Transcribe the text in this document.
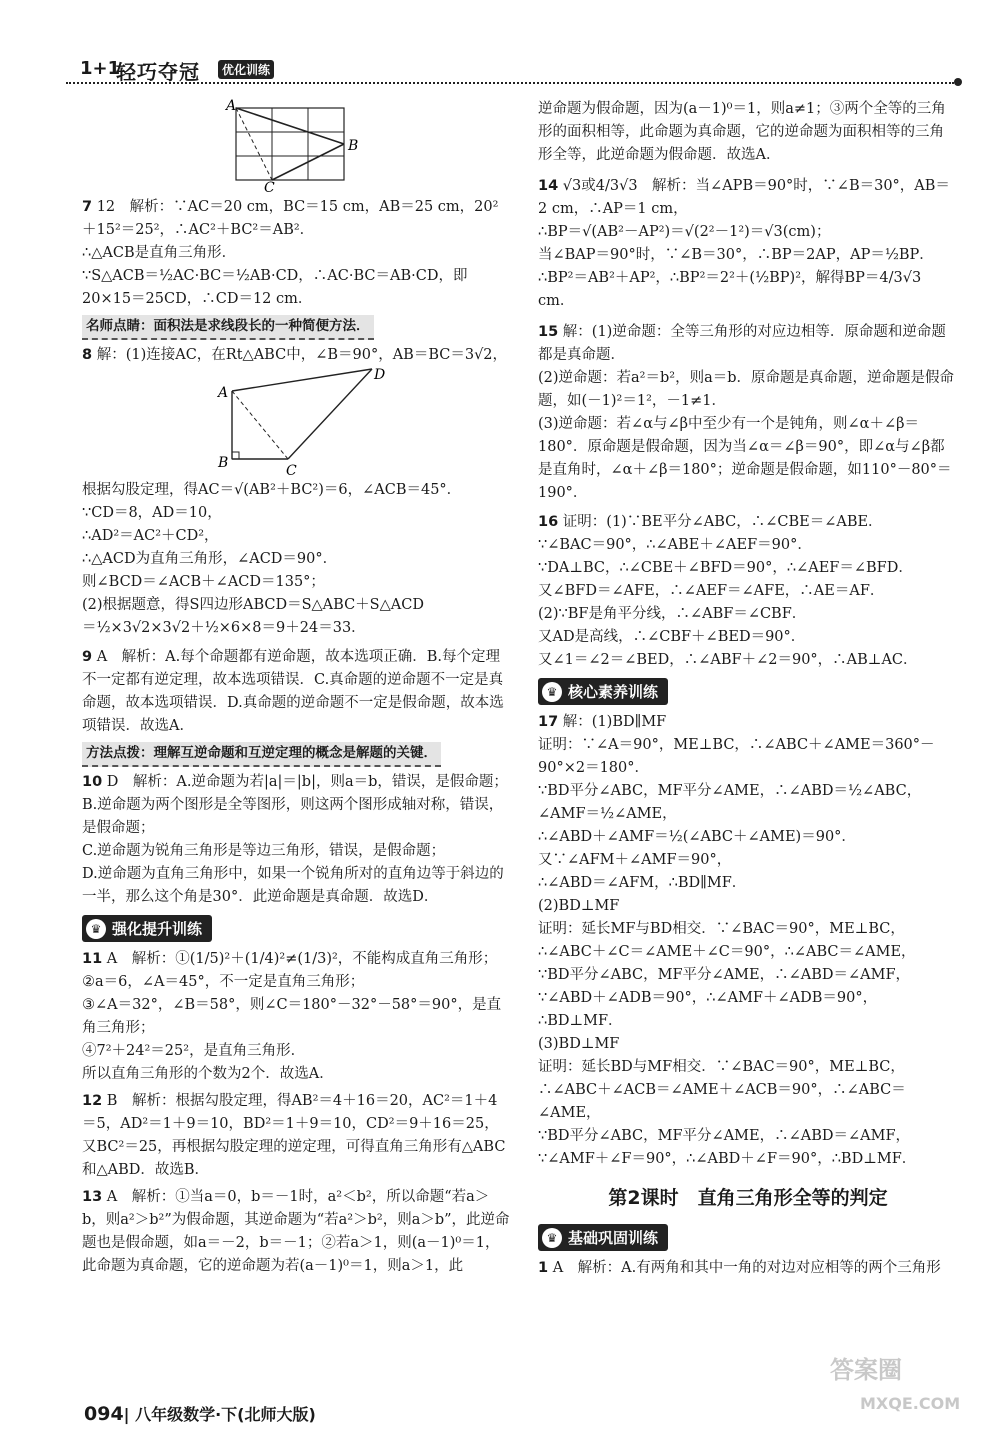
1+1
轻巧夺冠	优化训练
A
B
C

7 12　解析：∵AC＝20 cm，BC＝15 cm，AB＝25 cm，20²＋15²＝25²，∴AC²＋BC²＝AB²．
∴△ACB是直角三角形．
∵S△ACB＝½AC·BC＝½AB·CD，∴AC·BC＝AB·CD，即20×15＝25CD，∴CD＝12 cm．

名师点睛：面积法是求线段长的一种简便方法．

8 解：(1)连接AC，在Rt△ABC中，∠B＝90°，AB＝BC＝3√2，

A
B	C
D

根据勾股定理，得AC＝√(AB²＋BC²)＝6，∠ACB＝45°．
∵CD＝8，AD＝10，
∴AD²＝AC²＋CD²，
∴△ACD为直角三角形，∠ACD＝90°．
则∠BCD＝∠ACB＋∠ACD＝135°；
(2)根据题意，得S四边形ABCD＝S△ABC＋S△ACD
＝½×3√2×3√2＋½×6×8＝9＋24＝33．

9 A　解析：A.每个命题都有逆命题，故本选项正确．B.每个定理不一定都有逆定理，故本选项错误．C.真命题的逆命题不一定是真命题，故本选项错误．D.真命题的逆命题不一定是假命题，故本选项错误．故选A．

方法点拨：理解互逆命题和互逆定理的概念是解题的关键．

10 D　解析：A.逆命题为若|a|＝|b|，则a＝b，错误，是假命题；
B.逆命题为两个图形是全等图形，则这两个图形成轴对称，错误，是假命题；
C.逆命题为锐角三角形是等边三角形，错误，是假命题；
D.逆命题为直角三角形中，如果一个锐角所对的直角边等于斜边的一半，那么这个角是30°．此逆命题是真命题．故选D．

♛ 强化提升训练

11 A　解析：①(1/5)²＋(1/4)²≠(1/3)²，不能构成直角三角形；
②a＝6，∠A＝45°，不一定是直角三角形；
③∠A＝32°，∠B＝58°，则∠C＝180°－32°－58°＝90°，是直角三角形；
④7²＋24²＝25²，是直角三角形．
所以直角三角形的个数为2个．故选A．

12 B　解析：根据勾股定理，得AB²＝4＋16＝20，AC²＝1＋4＝5，AD²＝1＋9＝10，BD²＝1＋9＝10，CD²＝9＋16＝25，又BC²＝25，再根据勾股定理的逆定理，可得直角三角形有△ABC和△ABD．故选B．

13 A　解析：①当a＝0，b＝－1时，a²＜b²，所以命题“若a＞b，则a²＞b²”为假命题，其逆命题为“若a²＞b²，则a＞b”，此逆命题也是假命题，如a＝－2，b＝－1；②若a＞1，则(a－1)⁰＝1，此命题为真命题，它的逆命题为若(a－1)⁰＝1，则a＞1，此

逆命题为假命题，因为(a－1)⁰＝1，则a≠1；③两个全等的三角形的面积相等，此命题为真命题，它的逆命题为面积相等的三角形全等，此逆命题为假命题．故选A．

14 √3或4/3√3　解析：当∠APB＝90°时，∵∠B＝30°，AB＝2 cm，∴AP＝1 cm，
∴BP＝√(AB²－AP²)＝√(2²－1²)＝√3(cm)；
当∠BAP＝90°时，∵∠B＝30°，∴BP＝2AP，AP＝½BP．
∴BP²＝AB²＋AP²，∴BP²＝2²＋(½BP)²，解得BP＝4/3√3 cm．

15 解：(1)逆命题：全等三角形的对应边相等．原命题和逆命题都是真命题．
(2)逆命题：若a²＝b²，则a＝b．原命题是真命题，逆命题是假命题，如(－1)²＝1²，－1≠1．
(3)逆命题：若∠α与∠β中至少有一个是钝角，则∠α＋∠β＝180°．原命题是假命题，因为当∠α＝∠β＝90°，即∠α与∠β都是直角时，∠α＋∠β＝180°；逆命题是假命题，如110°－80°＝190°．

16 证明：(1)∵BE平分∠ABC，∴∠CBE＝∠ABE．
∵∠BAC＝90°，∴∠ABE＋∠AEF＝90°．
∵DA⊥BC，∴∠CBE＋∠BFD＝90°，∴∠AEF＝∠BFD．
又∠BFD＝∠AFE，∴∠AEF＝∠AFE，∴AE＝AF．
(2)∵BF是角平分线，∴∠ABF＝∠CBF．
又AD是高线，∴∠CBF＋∠BED＝90°．
又∠1＝∠2＝∠BED，∴∠ABF＋∠2＝90°，∴AB⊥AC．

♛ 核心素养训练

17 解：(1)BD∥MF
证明：∵∠A＝90°，ME⊥BC，∴∠ABC＋∠AME＝360°－90°×2＝180°．
∵BD平分∠ABC，MF平分∠AME，∴∠ABD＝½∠ABC，
∠AMF＝½∠AME，
∴∠ABD＋∠AMF＝½(∠ABC＋∠AME)＝90°．
又∵∠AFM＋∠AMF＝90°，
∴∠ABD＝∠AFM，∴BD∥MF．
(2)BD⊥MF
证明：延长MF与BD相交．∵∠BAC＝90°，ME⊥BC，
∴∠ABC＋∠C＝∠AME＋∠C＝90°，∴∠ABC＝∠AME，
∵BD平分∠ABC，MF平分∠AME，∴∠ABD＝∠AMF，
∵∠ABD＋∠ADB＝90°，∴∠AMF＋∠ADB＝90°，∴BD⊥MF．
(3)BD⊥MF
证明：延长BD与MF相交．∵∠BAC＝90°，ME⊥BC，∴∠ABC＋∠ACB＝∠AME＋∠ACB＝90°，∴∠ABC＝∠AME，
∵BD平分∠ABC，MF平分∠AME，∴∠ABD＝∠AMF，
∵∠AMF＋∠F＝90°，∴∠ABD＋∠F＝90°，∴BD⊥MF．

第2课时　直角三角形全等的判定
♛ 基础巩固训练

1 A　解析：A.有两角和其中一角的对边对应相等的两个三角形

094| 八年级数学·下(北师大版)
答案圈
MXQE.COM
